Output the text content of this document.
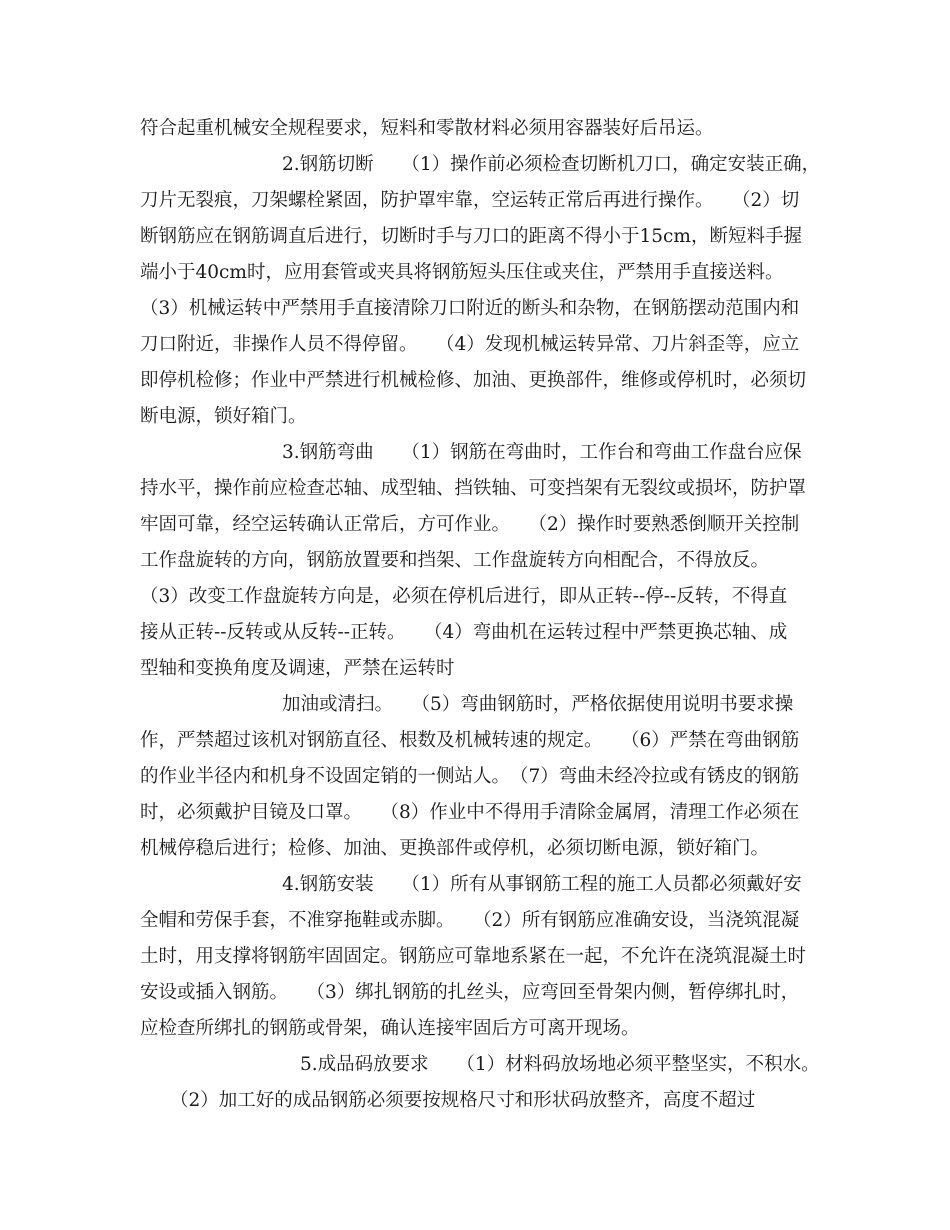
符合起重机械安全规程要求，短料和零散材料必须用容器装好后吊运。
2.钢筋切断　　（1）操作前必须检查切断机刀口，确定安装正确，
刀片无裂痕，刀架螺栓紧固，防护罩牢靠，空运转正常后再进行操作。　　（2）切
断钢筋应在钢筋调直后进行，切断时手与刀口的距离不得小于15cm，断短料手握
端小于40cm时，应用套管或夹具将钢筋短头压住或夹住，严禁用手直接送料。
（3）机械运转中严禁用手直接清除刀口附近的断头和杂物，在钢筋摆动范围内和
刀口附近，非操作人员不得停留。　　（4）发现机械运转异常、刀片斜歪等，应立
即停机检修；作业中严禁进行机械检修、加油、更换部件，维修或停机时，必须切
断电源，锁好箱门。
3.钢筋弯曲　　（1）钢筋在弯曲时，工作台和弯曲工作盘台应保
持水平，操作前应检查芯轴、成型轴、挡铁轴、可变挡架有无裂纹或损坏，防护罩
牢固可靠，经空运转确认正常后，方可作业。　　（2）操作时要熟悉倒顺开关控制
工作盘旋转的方向，钢筋放置要和挡架、工作盘旋转方向相配合，不得放反。
（3）改变工作盘旋转方向是，必须在停机后进行，即从正转--停--反转，不得直
接从正转--反转或从反转--正转。　　（4）弯曲机在运转过程中严禁更换芯轴、成
型轴和变换角度及调速，严禁在运转时
加油或清扫。　　（5）弯曲钢筋时，严格依据使用说明书要求操
作，严禁超过该机对钢筋直径、根数及机械转速的规定。　　（6）严禁在弯曲钢筋
的作业半径内和机身不设固定销的一侧站人。　（7）弯曲未经冷拉或有锈皮的钢筋
时，必须戴护目镜及口罩。　　（8）作业中不得用手清除金属屑，清理工作必须在
机械停稳后进行；检修、加油、更换部件或停机，必须切断电源，锁好箱门。
4.钢筋安装　　（1）所有从事钢筋工程的施工人员都必须戴好安
全帽和劳保手套，不准穿拖鞋或赤脚。　　（2）所有钢筋应准确安设，当浇筑混凝
土时，用支撑将钢筋牢固固定。钢筋应可靠地系紧在一起，不允许在浇筑混凝土时
安设或插入钢筋。　　（3）绑扎钢筋的扎丝头，应弯回至骨架内侧，暂停绑扎时，
应检查所绑扎的钢筋或骨架，确认连接牢固后方可离开现场。
5.成品码放要求　　（1）材料码放场地必须平整坚实，不积水。
（2）加工好的成品钢筋必须要按规格尺寸和形状码放整齐，高度不超过
